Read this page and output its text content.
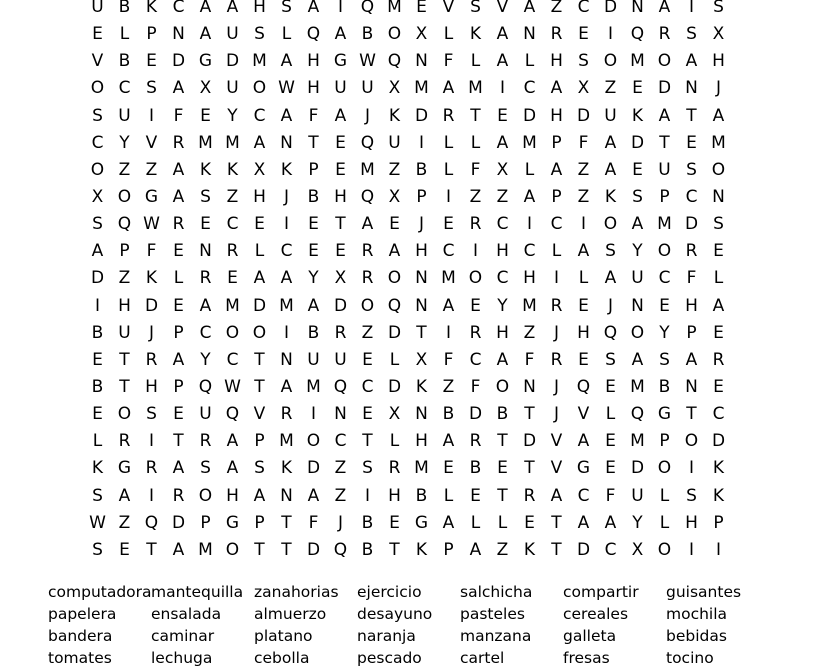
U B K C A A H S A	I	Q M E V S V A Z C D N A	I	S
E L	P N A U S L Q A B O X L K A N R E	I	Q R S X
V B E D G D M A H G W Q N F	L A L H S O M O A H
O C S A X U O W H U U X M A M	I	C A X Z E D N	J
S U	I	F E Y C A F A	J	K D R T E D H D U K A T A
C Y V R M M A N T E Q U	I	L	L A M P F A D T E M
O Z Z A K K X K P E M Z B L	F X L A Z A E U S O
X O G A S Z H	J	B H Q X P	I	Z Z A P Z K S P C N
S Q W R E C E	I	E T A E	J	E R C	I	C	I	O A M D S
A P F E N R L C E E R A H C	I	H C L A S Y O R E
D Z K L R E A A Y X R O N M O C H	I	L A U C F	L
I	H D E A M D M A D O Q N A E Y M R E	J	N E H A
B U	J	P C O O	I	B R Z D T	I	R H Z	J	H Q O Y P E
E T R A Y C T N U U E L X F C A F R E S A S A R
B T H P Q W T A M Q C D K Z F O N	J	Q E M B N E
E O S E U Q V R	I	N E X N B D B T	J	V L Q G T C
L R	I	T R A P M O C T	L H A R T D V A E M P O D
K G R A S A S K D Z S R M E B E T V G E D O	I	K
S A	I	R O H A N A Z	I	H B L E T R A C F U L S K
W Z Q D P G P T F	J	B E G A L	L E T A A Y	L H P
S E T A M O T T D Q B T K P A Z K T D C X O	I	I
computadora mantequilla zanahorias	ejercicio	salchicha	compartir	guisantes
papelera	ensalada	almuerzo	desayuno	pasteles	cereales	mochila
bandera	caminar	platano	naranja	manzana	galleta	bebidas
tomates	lechuga	cebolla	pescado	cartel	fresas	tocino
